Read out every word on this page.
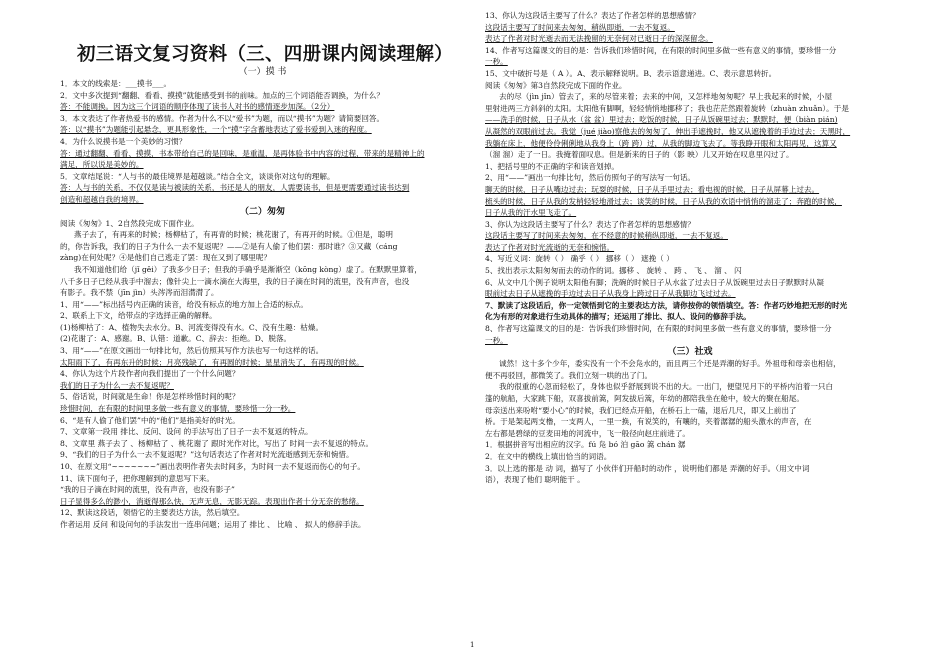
初三语文复习资料（三、四册课内阅读理解）
（一）摸 书
1．本文的线索是：___摸书___。
2．文中多次提到“翻翻、看看、摸摸”就能感受到书的前味。加点的三个词语能否调换，为什么？
答：不能调换。因为这三个词语的顺序体现了读书人对书的感情逐步加深。（2分）
3．本文表达了作者热爱书的感情。作者为什么不以“爱书”为题，而以“摸书”为题？请简要回答。
答：以“摸书”为题能引起悬念，更具形象性，一个“摸”字含蓄地表达了爱书爱到入迷的程度。
4．为什么说摸书是一个美妙的习惯？
答：通过翻翻、看看、摸摸，书本带给自己的是回味，是重温，是再体验书中内容的过程，带来的是精神上的
满足，所以说是美妙的。
5．文章结尾说：“人与书的最佳境界是超越谈。”结合全文，谈谈你对这句的理解。
答：人与书的关系，不仅仅是读与被读的关系，书还是人的朋友，人需要读书，但是更需要通过读书达到
创造和超越自我的境界。
（二）匆匆
阅读《匆匆》1、2自然段完成下面作业。
燕子去了，有再来的时候；杨柳枯了，有再青的时候；桃花谢了，有再开的时候。①但是，聪明
的，你告诉我，我们的日子为什么一去不复返呢？——②是有人偷了他们罢：那时谁？③又藏（cáng
zàng)在何处呢？④是他们自己逃走了罢：现在又到了哪里呢？
我不知道他们给（jǐ gěi）了我多少日子；但我的手确乎是渐渐空（kōng kòng）虚了。在默默里算着，
八千多日子已经从我手中溜去；像针尖上一滴水滴在大海里，我的日子滴在时间的流里，没有声音，也没
有影子。我不禁（jīn jìn）头涔涔而泪潸潸了。
1、用“——”标出括号内正确的读音，给没有标点的地方加上合适的标点。
2、联系上下文，给带点的字选择正确的解释。
(1)杨柳枯了：A、植物失去水分。B、河流变得没有水。C、没有生趣：枯燥。
(2)花谢了：A、感谢。B、认错：道歉。C、辞去：拒绝。D、脱落。
3、用“——”在原文画出一句排比句，然后仿照其写作方法也写一句这样的话。
太阳雨下了，有再东升的时候；月亮残缺了，有再圆的时候；星星消失了，有再现的时候。
4、你认为这个片段作者向我们提出了一个什么问题？
我们的日子为什么一去不复返呢？
5、俗话说，时间就是生命！你是怎样珍惜时间的呢？
珍惜时间，在有限的时间里多做一些有意义的事情，要珍惜一分一秒。
6、“是有人偷了他们罢”中的“他们”是指美好的时光。
7、文章第一段用 排比、反问、设问 的手法写出了日子一去不复返的特点。
8、文章里 燕子去了 、杨柳枯了 、桃花谢了 跟时光作对比，写出了 时间一去不复返的特点。
9、“我们的日子为什么一去不复返呢？”这句话表达了作者对时光流逝感到无奈和惋惜。
10、在原文用“~~~~~~~”画出表明作者失去时间多，为时间一去不复返而伤心的句子。
11、读下面句子，把你理解到的意思写下来。
“我的日子滴在时间的流里，没有声音，也没有影子”
日子显得多么的渺小，消逝得那么快，无声无息，无影无踪。表现出作者十分无奈的愁绪。
12、默读这段话，领悟它的主要表达方法，然后填空。
作者运用 反问 和设问句的手法发出一连串问题；运用了 排比 、 比喻 、 拟人的修辞手法。
13、你认为这段话主要写了什么？表达了作者怎样的思想感情？
这段话主要写了时间来去匆匆，稍纵即逝，一去不复返。
表达了作者对时光逝去而无法挽留的无奈何对已逝日子的深深留念。
14、作者写这篇课文的目的是：告诉我们珍惜时间，在有限的时间里多做一些有意义的事情，要珍惜一分
一秒。
15、文中破折号是（ A ）。A、表示解释说明。B、表示语意递进。C、表示意思转折。
阅读《匆匆》第3自然段完成下面的作业。
去的尽（jìn jǐn）管去了，来的尽管来着；去来的中间，又怎样地匆匆呢？早上我起来的时候，小屋
里射进两三方斜斜的太阳。太阳他有脚啊，轻轻悄悄地挪移了；我也茫茫然跟着旋转（zhuàn zhuǎn）。于是
——洗手的时候，日子从水（盆 盆）里过去；吃饭的时候，日子从饭碗里过去；默默时，便（biàn pián)
从凝然的双眼前过去。我觉（jué jiào)察他去的匆匆了，伸出手遮挽时，他又从遮挽着的手边过去；天黑时，
我躺在床上，他便伶伶俐俐地从我身上（跨 跨）过，从我的脚边飞去了。等我睁开眼和太阳再见，这算又
（溜 溜）走了一日。我掩着面叹息。但是新来的日子的（影 映）儿又开始在叹息里闪过了。
1、把括号里的不正确的字和读音划掉。
2、用“——”画出一句排比句，然后仿照句子的写法写一句话。
聊天的时候，日子从嘴边过去；玩耍的时候，日子从手里过去；看电视的时候，日子从屏幕上过去。
梳头的时候，日子从我的发梢轻轻地滑过去；谈笑的时候，日子从我的欢语中悄悄的溜走了；奔跑的时候，
日子从我的汗水里飞走了。
3、你认为这段话主要写了什么？表达了作者怎样的思想感情？
这段话主要写了时间来去匆匆，在不经意的时候稍纵即逝，一去不复返。
表达了作者对时光流逝的无奈和惋惜。
4、写近义词：旋转（ ） 确乎（ ） 挪移（ ） 遮挽（ ）
5、找出表示太阳匆匆而去的动作的词。挪移 、 旋转 、 跨 、 飞 、 溜 、 闪
6、从文中几个例子说明太阳他有脚；洗碗的时候日子从水盆了过去日子从饭碗里过去日子默默时从凝
眼前过去日子从遮挽的手边过去日子从我身上跨过日子从我脚边飞过过去。
7、默读了这段话后，你一定领悟到它的主要表达方法，请你按你的领悟填空。答：作者巧妙地把无形的时光
化为有形的对象进行生动具体的描写；还运用了排比、拟人、设问的修辞手法。
8、作者写这篇课文的目的是：告诉我们珍惜时间，在有限的时间里多做一些有意义的事情，要珍惜一分
一秒。
（三）社戏
诚然！这十多个少年，委实没有一个不会凫水的，而且两三个还是弄潮的好手。外祖母和母亲也相信，
便不再驳回，都微笑了。我们立刻一哄的出了门。
我的很重的心忽而轻松了，身体也似乎舒展到说不出的大。一出门，便望见月下的平桥内泊着一只白
篷的航船，大家跳下船，双喜拔前篙，阿发拔后篙，年幼的都陪我坐在舱中，较大的聚在船尾。
母亲送出来吩咐“要小心”的时候，我们已经点开船，在桥石上一磕，退后几尺，即又上前出了
桥。于是架起两支橹，一支两人，一里一换，有说笑的，有嚷的，夹着潺潺的船头激水的声音，在
左右都是碧绿的豆麦田地的河流中，飞一般径向赵庄前进了。
1．根据拼音写出相应的汉字。fú 凫 bó 泊 gāo 篙 chán 潺
2．在文中的横线上填出恰当的词语。
3．以上选的都是 动 词，描写了 小伙伴们开船时的动作 ，说明他们都是 弄潮的好手。（用文中词
语），表现了他们 聪明能干 。
1
